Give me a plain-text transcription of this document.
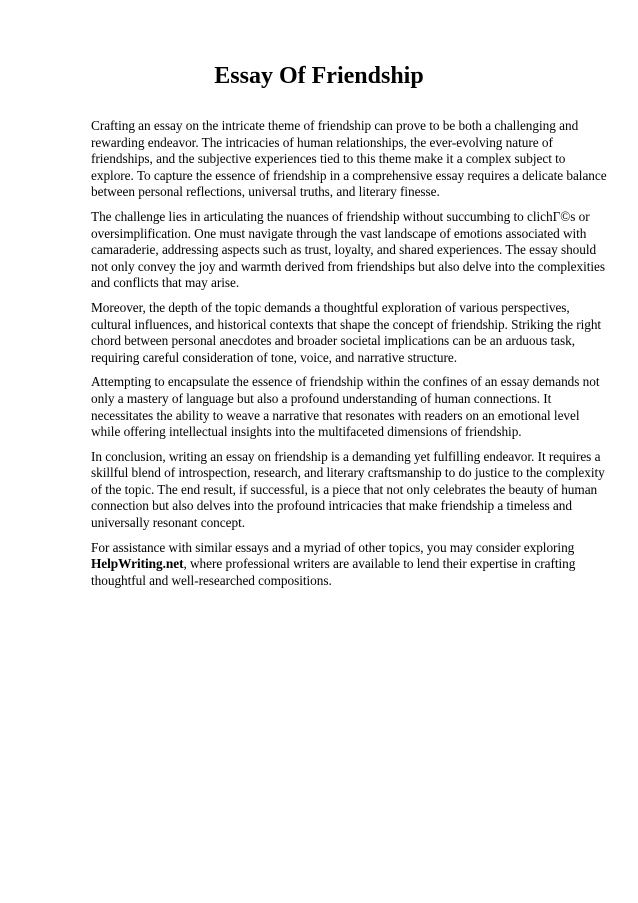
Essay Of Friendship

Crafting an essay on the intricate theme of friendship can prove to be both a challenging and rewarding endeavor. The intricacies of human relationships, the ever-evolving nature of friendships, and the subjective experiences tied to this theme make it a complex subject to explore. To capture the essence of friendship in a comprehensive essay requires a delicate balance between personal reflections, universal truths, and literary finesse.

The challenge lies in articulating the nuances of friendship without succumbing to clichГ©s or oversimplification. One must navigate through the vast landscape of emotions associated with camaraderie, addressing aspects such as trust, loyalty, and shared experiences. The essay should not only convey the joy and warmth derived from friendships but also delve into the complexities and conflicts that may arise.

Moreover, the depth of the topic demands a thoughtful exploration of various perspectives, cultural influences, and historical contexts that shape the concept of friendship. Striking the right chord between personal anecdotes and broader societal implications can be an arduous task, requiring careful consideration of tone, voice, and narrative structure.

Attempting to encapsulate the essence of friendship within the confines of an essay demands not only a mastery of language but also a profound understanding of human connections. It necessitates the ability to weave a narrative that resonates with readers on an emotional level while offering intellectual insights into the multifaceted dimensions of friendship.

In conclusion, writing an essay on friendship is a demanding yet fulfilling endeavor. It requires a skillful blend of introspection, research, and literary craftsmanship to do justice to the complexity of the topic. The end result, if successful, is a piece that not only celebrates the beauty of human connection but also delves into the profound intricacies that make friendship a timeless and universally resonant concept.

For assistance with similar essays and a myriad of other topics, you may consider exploring HelpWriting.net, where professional writers are available to lend their expertise in crafting thoughtful and well-researched compositions.
